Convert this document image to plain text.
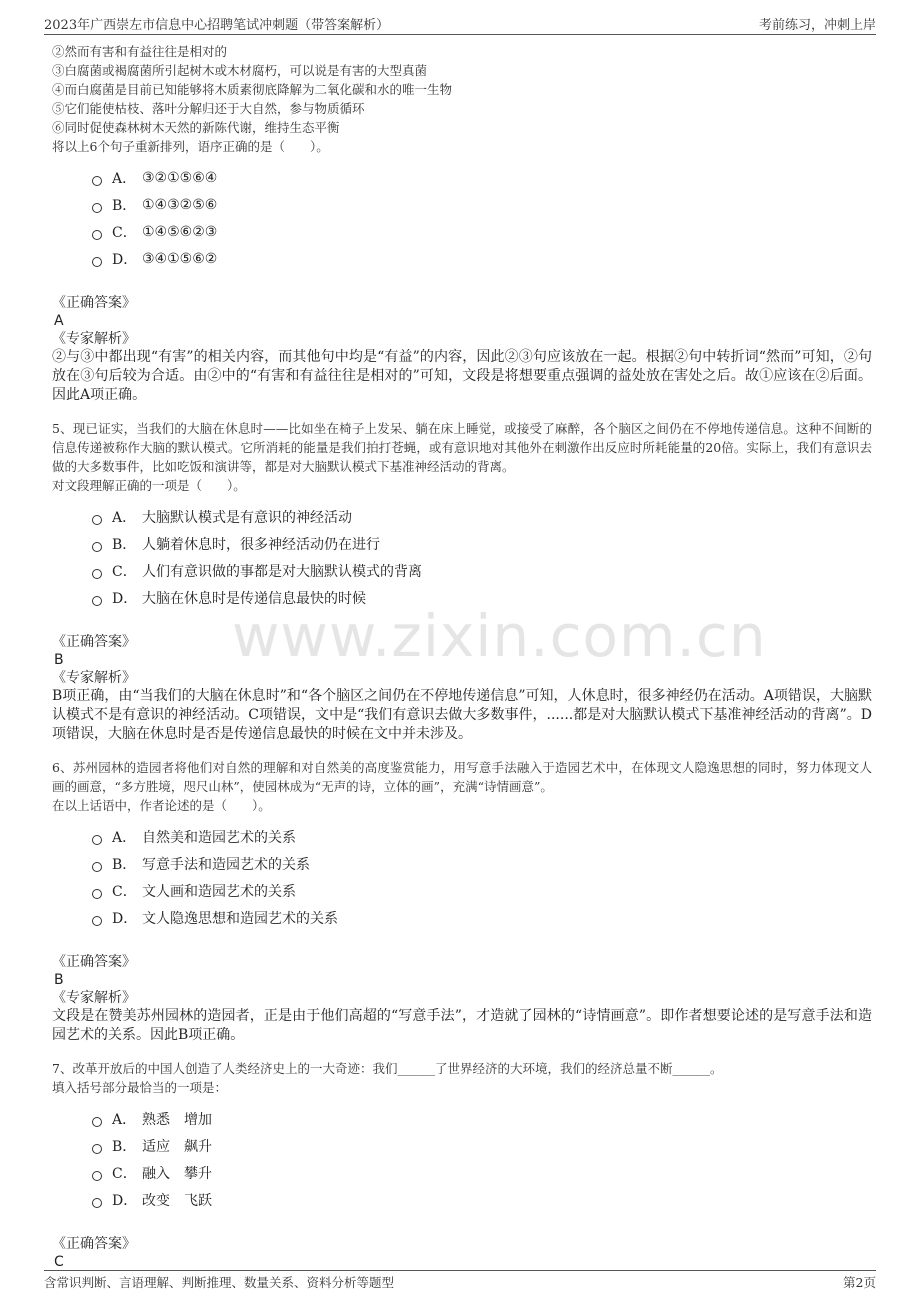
2023年广西崇左市信息中心招聘笔试冲刺题（带答案解析）	考前练习，冲刺上岸
www.zixin.com.cn
②然而有害和有益往往是相对的
③白腐菌或褐腐菌所引起树木或木材腐朽，可以说是有害的大型真菌
④而白腐菌是目前已知能够将木质素彻底降解为二氧化碳和水的唯一生物
⑤它们能使枯枝、落叶分解归还于大自然，参与物质循环
⑥同时促使森林树木天然的新陈代谢，维持生态平衡
将以上6个句子重新排列，语序正确的是（　　）。
A． ③②①⑤⑥④
B． ①④③②⑤⑥
C． ①④⑤⑥②③
D． ③④①⑤⑥②
《正确答案》
A
《专家解析》
②与③中都出现“有害”的相关内容，而其他句中均是“有益”的内容，因此②③句应该放在一起。根据②句中转折词“然而”可知，②句放在③句后较为合适。由②中的“有害和有益往往是相对的”可知，文段是将想要重点强调的益处放在害处之后。故①应该在②后面。因此A项正确。
5、现已证实，当我们的大脑在休息时——比如坐在椅子上发呆、躺在床上睡觉，或接受了麻醉，各个脑区之间仍在不停地传递信息。这种不间断的信息传递被称作大脑的默认模式。它所消耗的能量是我们拍打苍蝇，或有意识地对其他外在刺激作出反应时所耗能量的20倍。实际上，我们有意识去做的大多数事件，比如吃饭和演讲等，都是对大脑默认模式下基准神经活动的背离。
对文段理解正确的一项是（　　）。
A． 大脑默认模式是有意识的神经活动
B． 人躺着休息时，很多神经活动仍在进行
C． 人们有意识做的事都是对大脑默认模式的背离
D． 大脑在休息时是传递信息最快的时候
《正确答案》
B
《专家解析》
B项正确，由“当我们的大脑在休息时”和“各个脑区之间仍在不停地传递信息”可知，人休息时，很多神经仍在活动。A项错误，大脑默认模式不是有意识的神经活动。C项错误，文中是“我们有意识去做大多数事件，......都是对大脑默认模式下基准神经活动的背离”。D项错误，大脑在休息时是否是传递信息最快的时候在文中并未涉及。
6、苏州园林的造园者将他们对自然的理解和对自然美的高度鉴赏能力，用写意手法融入于造园艺术中，在体现文人隐逸思想的同时，努力体现文人画的画意，“多方胜境，咫尺山林”，使园林成为“无声的诗，立体的画”，充满“诗情画意”。
在以上话语中，作者论述的是（　　）。
A． 自然美和造园艺术的关系
B． 写意手法和造园艺术的关系
C． 文人画和造园艺术的关系
D． 文人隐逸思想和造园艺术的关系
《正确答案》
B
《专家解析》
文段是在赞美苏州园林的造园者，正是由于他们高超的“写意手法”，才造就了园林的“诗情画意”。即作者想要论述的是写意手法和造园艺术的关系。因此B项正确。
7、改革开放后的中国人创造了人类经济史上的一大奇迹：我们______了世界经济的大环境，我们的经济总量不断______。
填入括号部分最恰当的一项是：
A． 熟悉　增加
B． 适应　飙升
C． 融入　攀升
D． 改变　飞跃
《正确答案》
C
含常识判断、言语理解、判断推理、数量关系、资料分析等题型	第2页
